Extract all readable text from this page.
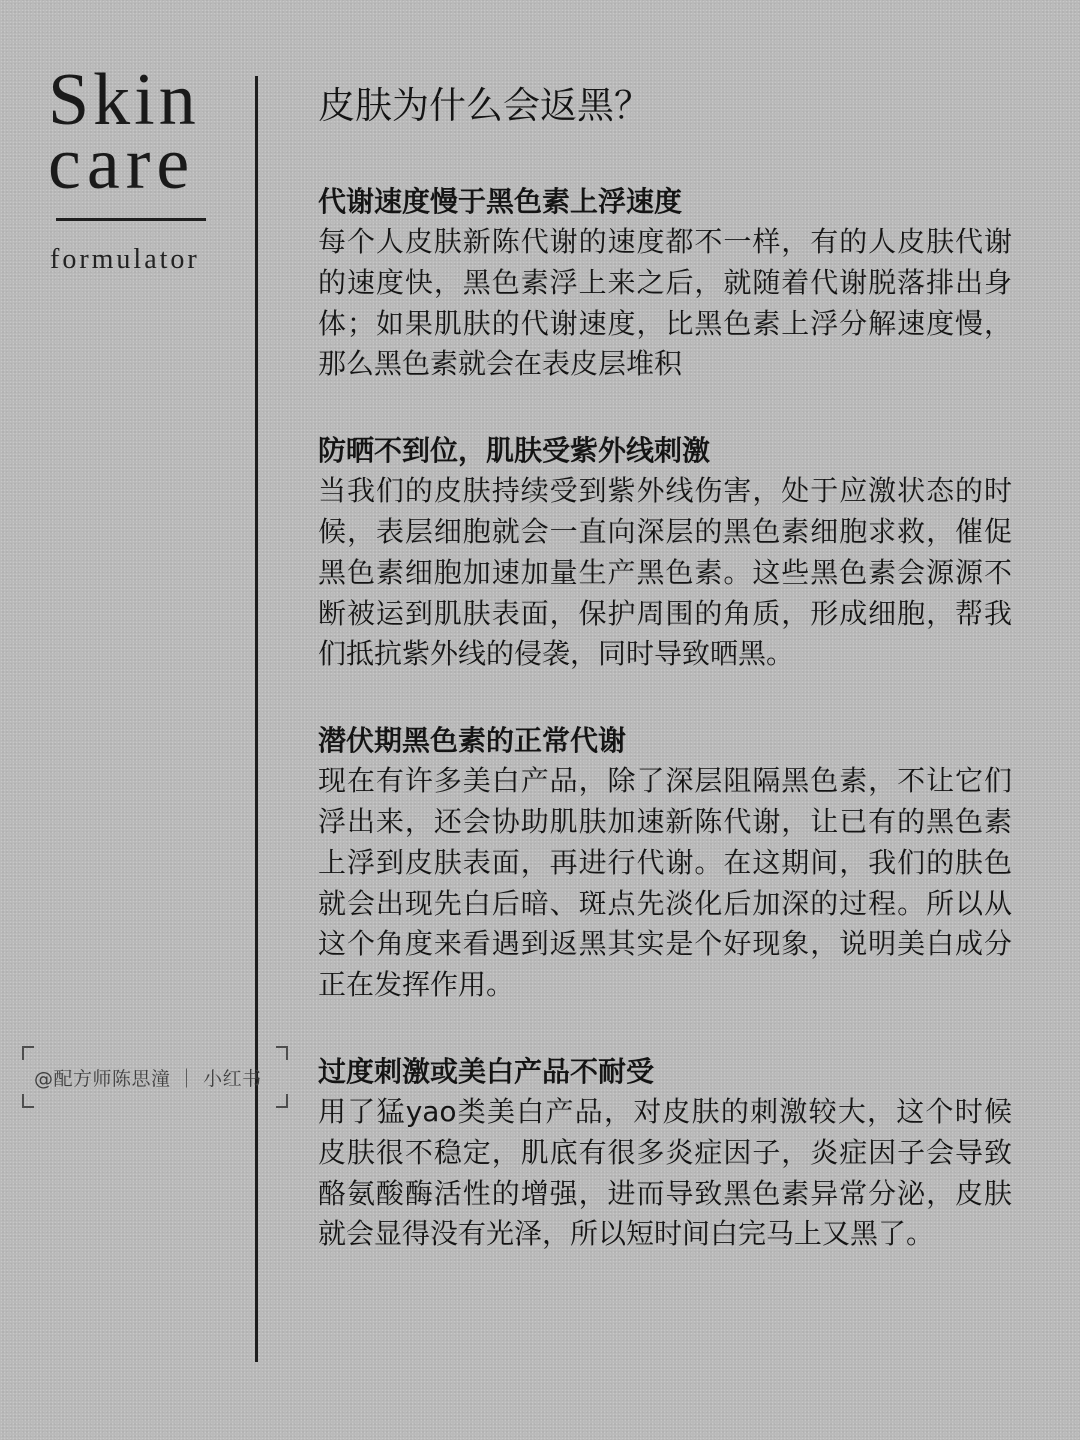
Skin
care
formulator
@配方师陈思潼 ｜ 小红书
皮肤为什么会返黑？
代谢速度慢于黑色素上浮速度

每个人皮肤新陈代谢的速度都不一样，有的人皮肤代谢的速度快，黑色素浮上来之后，就随着代谢脱落排出身体；如果肌肤的代谢速度，比黑色素上浮分解速度慢，那么黑色素就会在表皮层堆积

防晒不到位，肌肤受紫外线刺激

当我们的皮肤持续受到紫外线伤害，处于应激状态的时候，表层细胞就会一直向深层的黑色素细胞求救，催促黑色素细胞加速加量生产黑色素。这些黑色素会源源不断被运到肌肤表面，保护周围的角质，形成细胞，帮我们抵抗紫外线的侵袭，同时导致晒黑。

潜伏期黑色素的正常代谢

现在有许多美白产品，除了深层阻隔黑色素，不让它们浮出来，还会协助肌肤加速新陈代谢，让已有的黑色素上浮到皮肤表面，再进行代谢。在这期间，我们的肤色就会出现先白后暗、斑点先淡化后加深的过程。所以从这个角度来看遇到返黑其实是个好现象，说明美白成分正在发挥作用。

过度刺激或美白产品不耐受

用了猛yao类美白产品，对皮肤的刺激较大，这个时候皮肤很不稳定，肌底有很多炎症因子，炎症因子会导致酪氨酸酶活性的增强，进而导致黑色素异常分泌，皮肤就会显得没有光泽，所以短时间白完马上又黑了。
